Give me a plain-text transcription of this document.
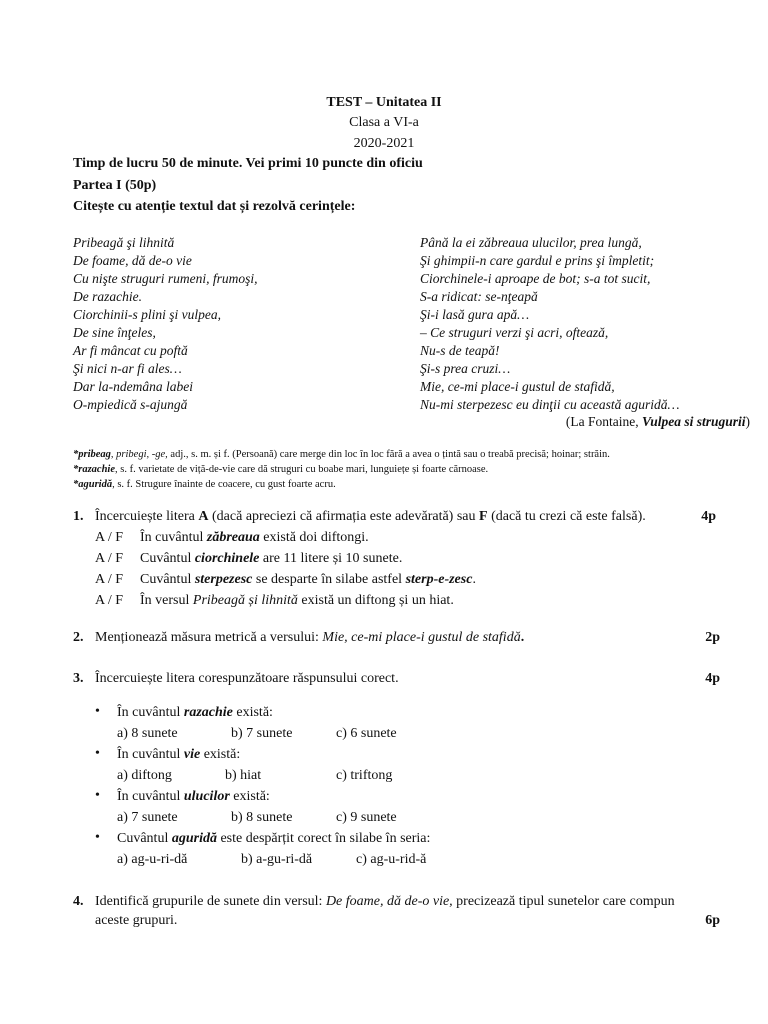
TEST – Unitatea II
Clasa a VI-a
2020-2021
Timp de lucru 50 de minute. Vei primi 10 puncte din oficiu
Partea I (50p)
Citește cu atenție textul dat și rezolvă cerințele:
Pribeagă şi lihnită
De foame, dă de-o vie
Cu nişte struguri rumeni, frumoşi,
De razachie.
Ciorchinii-s plini şi vulpea,
De sine înţeles,
Ar fi mâncat cu poftă
Şi nici n-ar fi ales…
Dar la-ndemâna labei
O-mpiedică s-ajungă
Până la ei zăbreaua ulucilor, prea lungă,
Şi ghimpii-n care gardul e prins şi împletit;
Ciorchinele-i aproape de bot; s-a tot sucit,
S-a ridicat: se-nţeapă
Şi-i lasă gura apă…
– Ce struguri verzi şi acri, oftează,
Nu-s de teapă!
Şi-s prea cruzi…
Mie, ce-mi place-i gustul de stafidă,
Nu-mi sterpezesc eu dinţii cu această aguridă…
(La Fontaine, Vulpea si strugurii)
*pribeag, pribegi, -ge, adj., s. m. și f. (Persoană) care merge din loc în loc fără a avea o țintă sau o treabă precisă; hoinar; străin.
*razachie, s. f. varietate de viță-de-vie care dă struguri cu boabe mari, lunguiețe și foarte cărnoase.
*aguridă, s. f. Strugure înainte de coacere, cu gust foarte acru.
1. Încercuiește litera A (dacă apreciezi că afirmația este adevărată) sau F (dacă tu crezi că este falsă).	4p
A / F În cuvântul zăbreaua există doi diftongi.
A / F Cuvântul ciorchinele are 11 litere și 10 sunete.
A / F Cuvântul sterpezesc se desparte în silabe astfel sterp-e-zesc.
A / F În versul Pribeagă și lihnită există un diftong și un hiat.
2. Menționează măsura metrică a versului: Mie, ce-mi place-i gustul de stafidă.	2p
3. Încercuiește litera corespunzătoare răspunsului corect.	4p
• În cuvântul razachie există:
a) 8 sunete	b) 7 sunete	c) 6 sunete
• În cuvântul vie există:
a) diftong	b) hiat	c) triftong
• În cuvântul ulucilor există:
a) 7 sunete	b) 8 sunete	c) 9 sunete
• Cuvântul aguridă este despărțit corect în silabe în seria:
a) ag-u-ri-dă	b) a-gu-ri-dă	c) ag-u-rid-ă
4. Identifică grupurile de sunete din versul: De foame, dă de-o vie, precizează tipul sunetelor care compun
aceste grupuri.	6p
